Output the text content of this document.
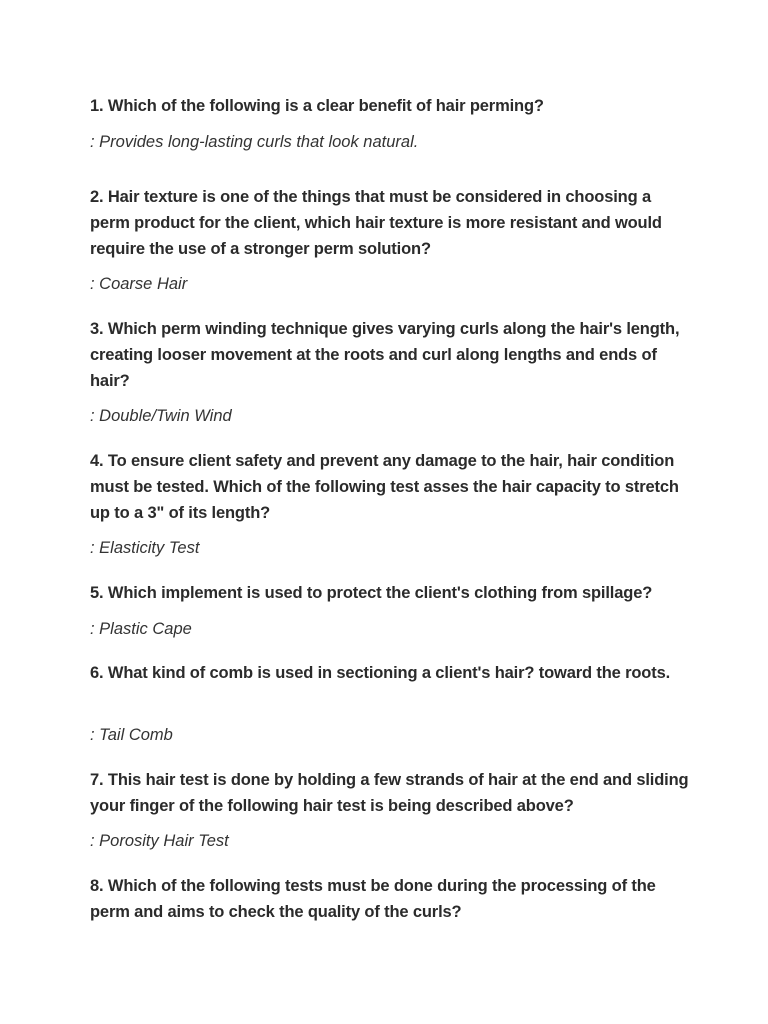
1. Which of the following is a clear benefit of hair perming?

: Provides long-lasting curls that look natural.

2. Hair texture is one of the things that must be considered in choosing a perm product for the client, which hair texture is more resistant and would require the use of a stronger perm solution?

: Coarse Hair

3. Which perm winding technique gives varying curls along the hair's length, creating looser movement at the roots and curl along lengths and ends of hair?

: Double/Twin Wind

4. To ensure client safety and prevent any damage to the hair, hair condition must be tested. Which of the following test asses the hair capacity to stretch up to a 3" of its length?

: Elasticity Test

5. Which implement is used to protect the client's clothing from spillage?

: Plastic Cape

6. What kind of comb is used in sectioning a client's hair? toward the roots.

: Tail Comb

7. This hair test is done by holding a few strands of hair at the end and sliding your finger of the following hair test is being described above?

: Porosity Hair Test

8. Which of the following tests must be done during the processing of the perm and aims to check the quality of the curls?
